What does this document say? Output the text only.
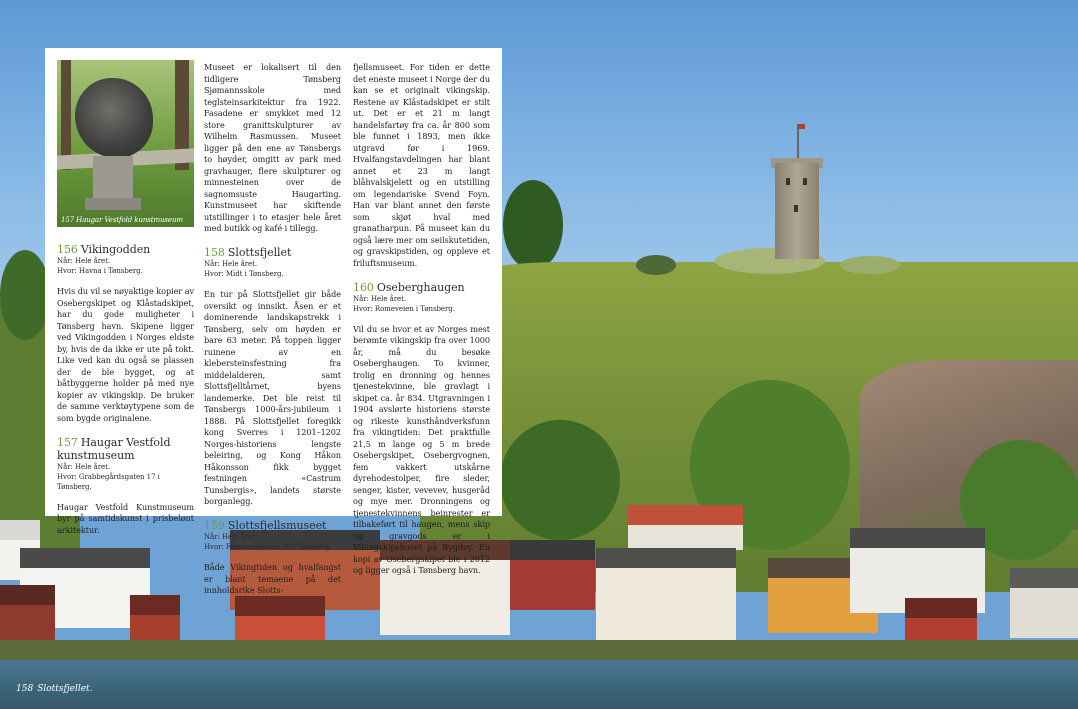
157 Haugar Vestfold kunstmuseum
156 Vikingodden
Når: Hele året.
Hvor: Havna i Tønsberg.

Hvis du vil se nøyaktige kopier av Osebergskipet og Klåstadskipet, har du gode muligheter i Tønsberg havn. Skipene ligger ved Vikingodden i Norges eldste by, hvis de da ikke er ute på tokt. Like ved kan du også se plassen der de ble bygget, og at båtbyggerne holder på med nye kopier av vikingskip. De bruker de samme verktøytypene som de som bygde originalene.

157 Haugar Vestfold kunstmuseum
Når: Hele året.
Hvor: Grabbegårdsgaten 17 i Tønsberg.

Haugar Vestfold Kunstmuseum byr på samtidskunst i prisbelønt arkitektur.

Museet er lokalisert til den tidligere Tønsberg Sjømannsskole med teglsteinsarkitektur fra 1922. Fasadene er smykket med 12 store granittskulpturer av Wilhelm Rasmussen. Museet ligger på den ene av Tønsbergs to høyder, omgitt av park med gravhauger, flere skulpturer og minnesteinen over de sagnomsuste Haugarting. Kunstmuseet har skiftende utstillinger i to etasjer hele året med butikk og kafé i tillegg.

158 Slottsfjellet
Når: Hele året.
Hvor: Midt i Tønsberg.

En tur på Slottsfjellet gir både oversikt og innsikt. Åsen er et dominerende landskapstrekk i Tønsberg, selv om høyden er bare 63 meter. På toppen ligger ruinene av en klebersteinsfestning fra middelalderen, samt Slottsfjelltårnet, byens landemerke. Det ble reist til Tønsbergs 1000-års-jubileum i 1888. På Slottsfjellet foregikk kong Sverres i 1201–1202 Norges-historiens lengste beleiring, og Kong Håkon Håkonsson fikk bygget festningen «Castrum Tunsbergis», landets største borganlegg.

159 Slottsfjellsmuseet
Når: Hele året.
Hvor: Farmannsveien 30 i Tønsberg.

Både Vikingtiden og hvalfangst er blant temaene på det innholdsrike Slotts-

fjellsmuseet. For tiden er dette det eneste museet i Norge der du kan se et originalt vikingskip. Restene av Klåstadskipet er stilt ut. Det er et 21 m langt handelsfartøy fra ca. år 800 som ble funnet i 1893, men ikke utgravd før i 1969. Hvalfangstavdelingen har blant annet et 23 m langt blåhvalskjelett og en utstilling om legendariske Svend Foyn. Han var blant annet den første som skjøt hval med granatharpun. På museet kan du også lære mer om seilskutetiden, og gravskipstiden, og oppleve et friluftsmuseum.

160 Oseberghaugen
Når: Hele året.
Hvor: Romeveien i Tønsberg.

Vil du se hvor et av Norges mest berømte vikingskip fra over 1000 år, må du besøke Oseberghaugen. To kvinner, trolig en dronning og hennes tjenestekvinne, ble gravlagt i skipet ca. år 834. Utgravningen i 1904 avslørte historiens største og rikeste kunsthåndverksfunn fra vikingtiden: Det praktfulle 21,5 m lange og 5 m brede Osebergskipet, Osebergvognen, fem vakkert utskårne dyrehodestolper, fire sleder, senger, kister, vevevev, husgeråd og mye mer. Dronningens og tjenestekvinnens beinrester er tilbakeført til haugen, mens skip og gravgods er i Vikingskipshuset på Bygdøy. En kopi av Osebergskipet ble i 2012 og ligger også i Tønsberg havn.

158 Slottsfjellet.
